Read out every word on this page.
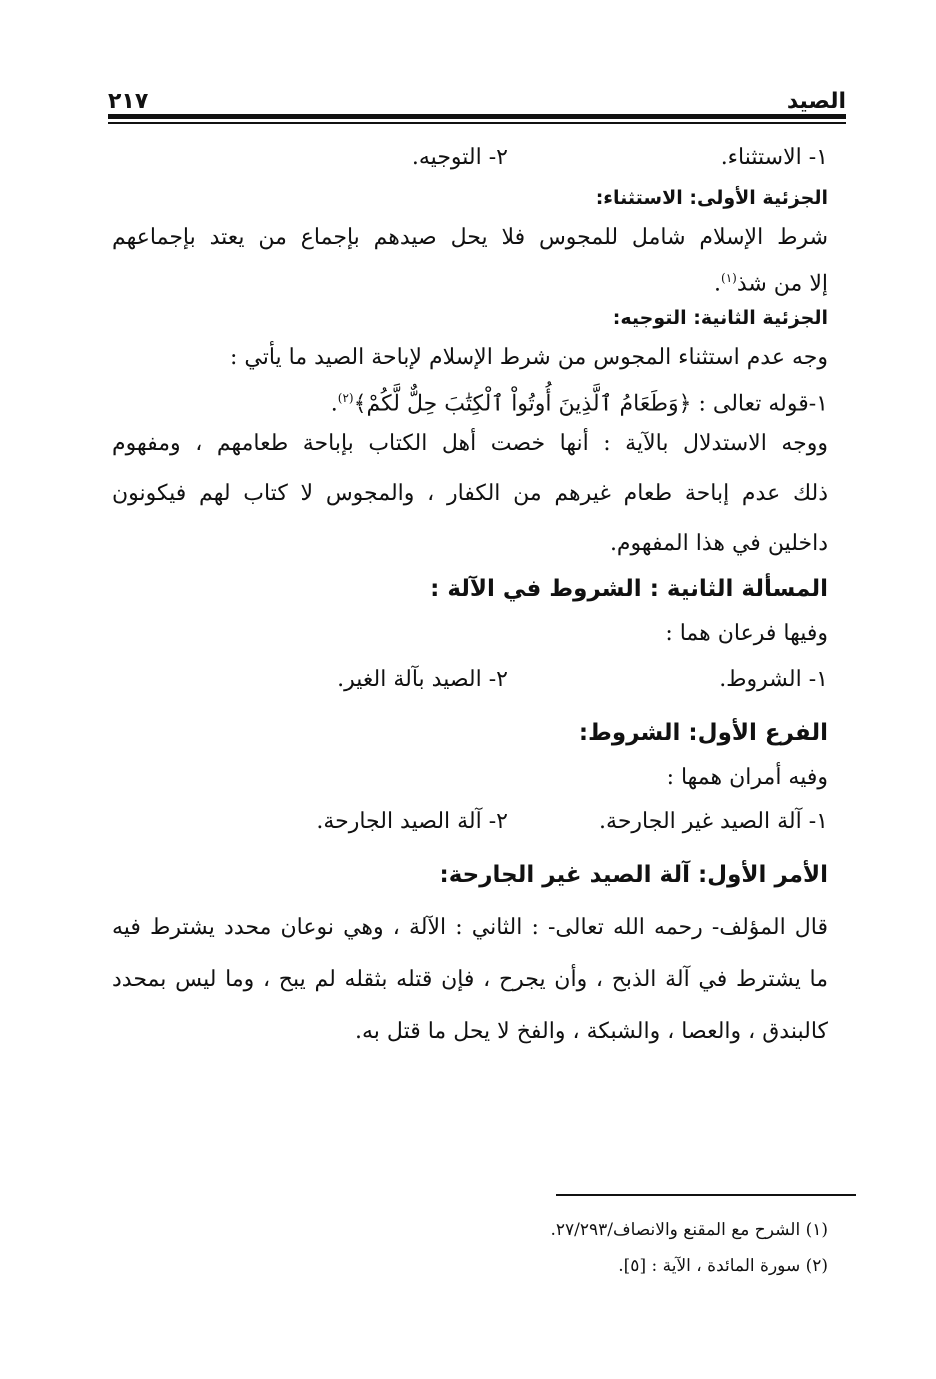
الصيد
٢١٧
١- الاستثناء.
٢- التوجيه.
الجزئية الأولى: الاستثناء:
شرط الإسلام شامل للمجوس فلا يحل صيدهم بإجماع من يعتد بإجماعهم
إلا من شذ$^{(١)}$.
الجزئية الثانية: التوجيه:
وجه عدم استثناء المجوس من شرط الإسلام لإباحة الصيد ما يأتي :
١-قوله تعالى : ﴿وَطَعَامُ ٱلَّذِينَ أُوتُواْ ٱلْكِتَٰبَ حِلٌّ لَّكُمْ﴾$^{(٢)}$.
ووجه الاستدلال بالآية : أنها خصت أهل الكتاب بإباحة طعامهم ، ومفهوم
ذلك عدم إباحة طعام غيرهم من الكفار ، والمجوس لا كتاب لهم فيكونون
داخلين في هذا المفهوم.
المسألة الثانية : الشروط في الآلة :
وفيها فرعان هما :
١- الشروط.
٢- الصيد بآلة الغير.
الفرع الأول: الشروط:
وفيه أمران همها :
١- آلة الصيد غير الجارحة.
٢- آلة الصيد الجارحة.
الأمر الأول: آلة الصيد غير الجارحة:
قال المؤلف- رحمه الله تعالى- : الثاني : الآلة ، وهي نوعان محدد يشترط فيه
ما يشترط في آلة الذبح ، وأن يجرح ، فإن قتله بثقله لم يبح ، وما ليس بمحدد
كالبندق ، والعصا ، والشبكة ، والفخ لا يحل ما قتل به.
(١) الشرح مع المقنع والانصاف/٢٧/٢٩٣.
(٢) سورة المائدة ، الآية : [٥].
